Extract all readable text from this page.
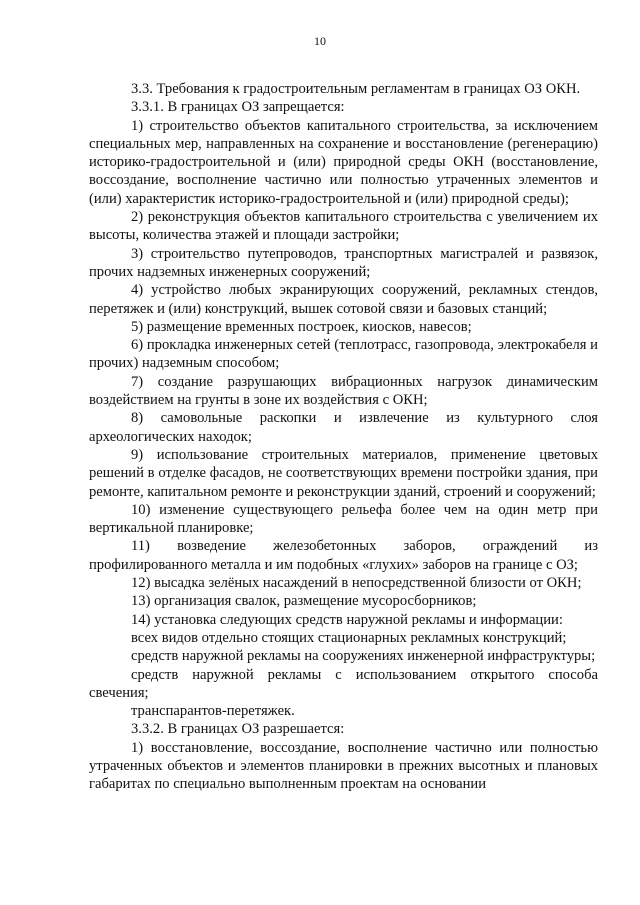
10

3.3. Требования к градостроительным регламентам в границах ОЗ ОКН.

3.3.1. В границах ОЗ запрещается:

1) строительство объектов капитального строительства, за исключением специальных мер, направленных на сохранение и восстановление (регенерацию) историко-градостроительной и (или) природной среды ОКН (восстановление, воссоздание, восполнение частично или полностью утраченных элементов и (или) характеристик историко-градостроительной и (или) природной среды);

2) реконструкция объектов капитального строительства с увеличением их высоты, количества этажей и площади застройки;

3) строительство путепроводов, транспортных магистралей и развязок, прочих надземных инженерных сооружений;

4) устройство любых экранирующих сооружений, рекламных стендов, перетяжек и (или) конструкций, вышек сотовой связи и базовых станций;

5) размещение временных построек, киосков, навесов;

6) прокладка инженерных сетей (теплотрасс, газопровода, электрокабеля и прочих) надземным способом;

7) создание разрушающих вибрационных нагрузок динамическим воздействием на грунты в зоне их воздействия с ОКН;

8) самовольные раскопки и извлечение из культурного слоя археологических находок;

9) использование строительных материалов, применение цветовых решений в отделке фасадов, не соответствующих времени постройки здания, при ремонте, капитальном ремонте и реконструкции зданий, строений и сооружений;

10) изменение существующего рельефа более чем на один метр при вертикальной планировке;

11) возведение железобетонных заборов, ограждений из профилированного металла и им подобных «глухих» заборов на границе с ОЗ;

12) высадка зелёных насаждений в непосредственной близости от ОКН;

13) организация свалок, размещение мусоросборников;

14) установка следующих средств наружной рекламы и информации:

всех видов отдельно стоящих стационарных рекламных конструкций;

средств наружной рекламы на сооружениях инженерной инфраструктуры;

средств наружной рекламы с использованием открытого способа свечения;

транспарантов-перетяжек.

3.3.2. В границах ОЗ разрешается:

1) восстановление, воссоздание, восполнение частично или полностью утраченных объектов и элементов планировки в прежних высотных и плановых габаритах по специально выполненным проектам на основании
